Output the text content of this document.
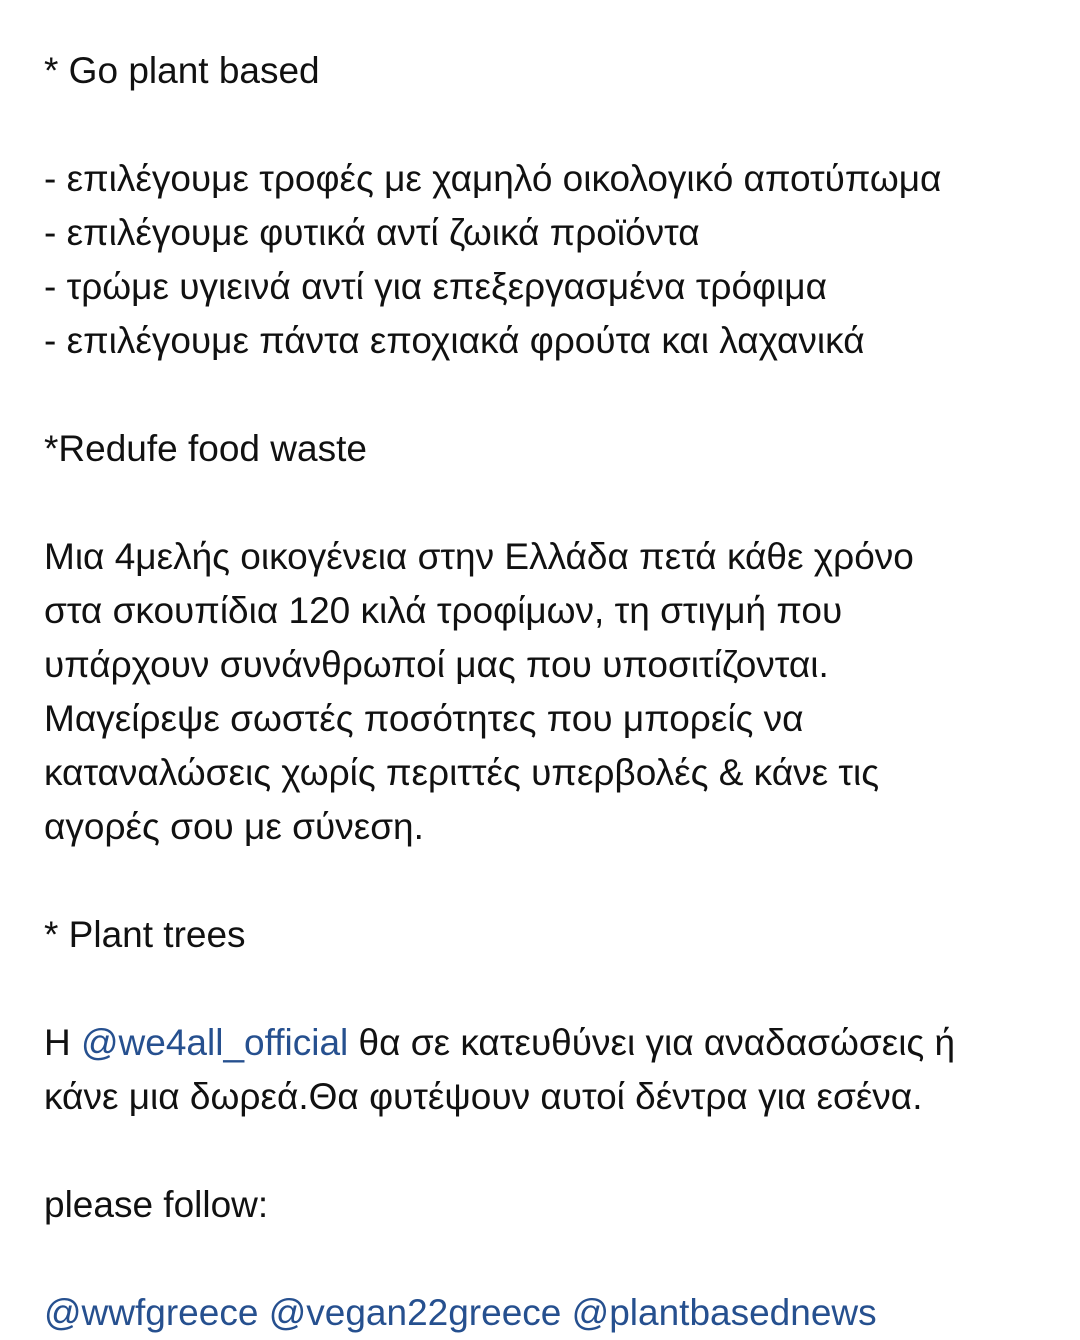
* Go plant based
- επιλέγουμε τροφές με χαμηλό οικολογικό αποτύπωμα
- επιλέγουμε φυτικά αντί ζωικά προϊόντα
- τρώμε υγιεινά αντί για επεξεργασμένα τρόφιμα
- επιλέγουμε πάντα εποχιακά φρούτα και λαχανικά
*Redufe food waste
Μια 4μελής οικογένεια στην Ελλάδα πετά κάθε χρόνο
στα σκουπίδια 120 κιλά τροφίμων, τη στιγμή που
υπάρχουν συνάνθρωποί μας που υποσιτίζονται.
Μαγείρεψε σωστές ποσότητες που μπορείς να
καταναλώσεις χωρίς περιττές υπερβολές & κάνε τις
αγορές σου με σύνεση.
* Plant trees
Η @we4all_official θα σε κατευθύνει για αναδασώσεις ή
κάνε μια δωρεά.Θα φυτέψουν αυτοί δέντρα για εσένα.
please follow:
@wwfgreece @vegan22greece @plantbasednews
